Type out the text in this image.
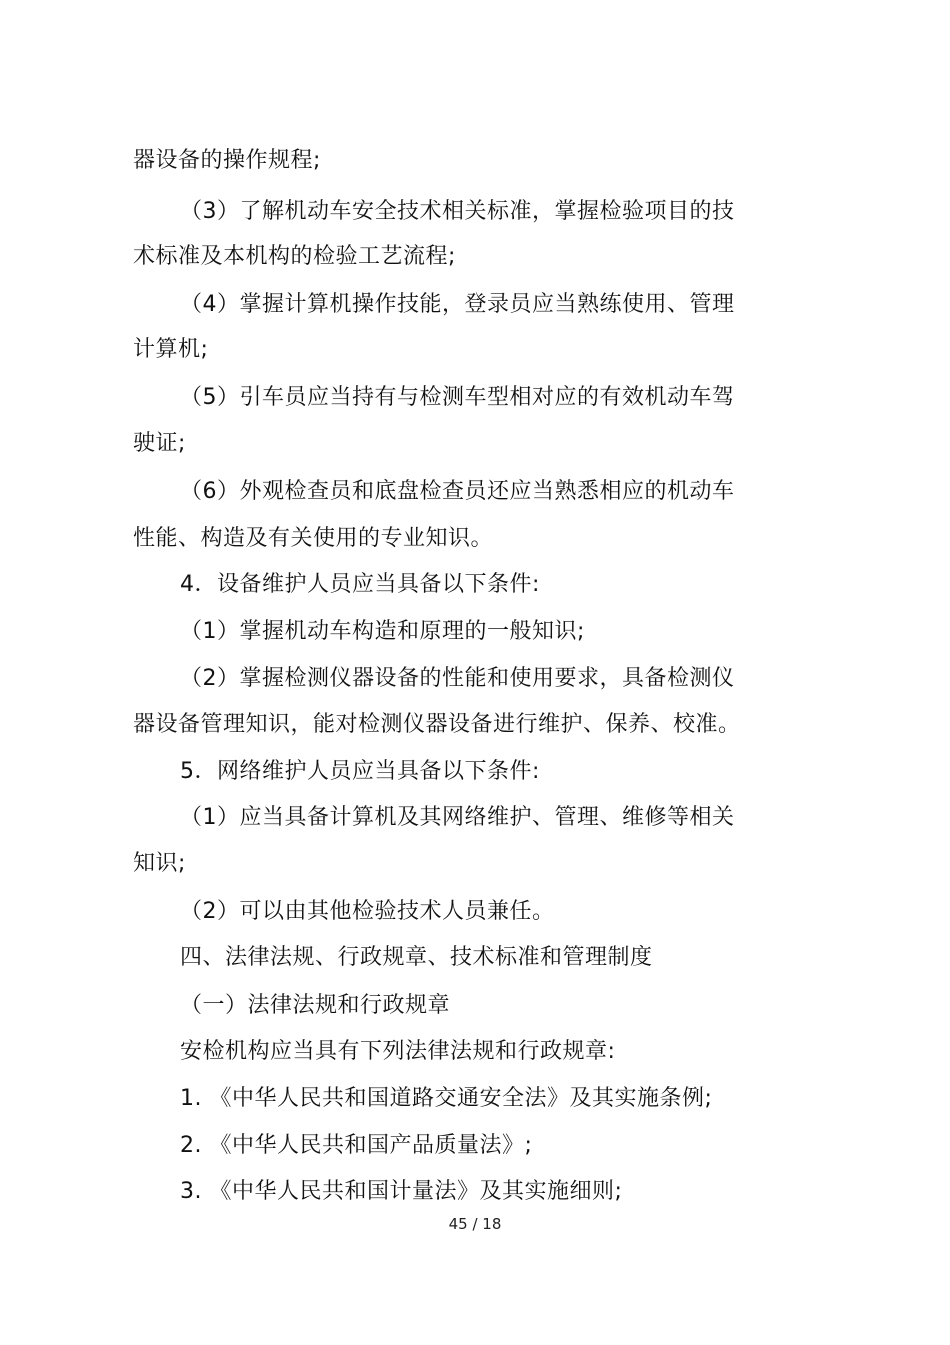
器设备的操作规程;
（3）了解机动车安全技术相关标准，掌握检验项目的技
术标准及本机构的检验工艺流程;
（4）掌握计算机操作技能，登录员应当熟练使用、管理
计算机;
（5）引车员应当持有与检测车型相对应的有效机动车驾
驶证;
（6）外观检查员和底盘检查员还应当熟悉相应的机动车
性能、构造及有关使用的专业知识。
4．设备维护人员应当具备以下条件:
（1）掌握机动车构造和原理的一般知识;
（2）掌握检测仪器设备的性能和使用要求，具备检测仪
器设备管理知识，能对检测仪器设备进行维护、保养、校准。
5．网络维护人员应当具备以下条件:
（1）应当具备计算机及其网络维护、管理、维修等相关
知识;
（2）可以由其他检验技术人员兼任。
四、法律法规、行政规章、技术标准和管理制度
（一）法律法规和行政规章
安检机构应当具有下列法律法规和行政规章:
1. 《中华人民共和国道路交通安全法》及其实施条例;
2. 《中华人民共和国产品质量法》;
3. 《中华人民共和国计量法》及其实施细则;
45 / 18
